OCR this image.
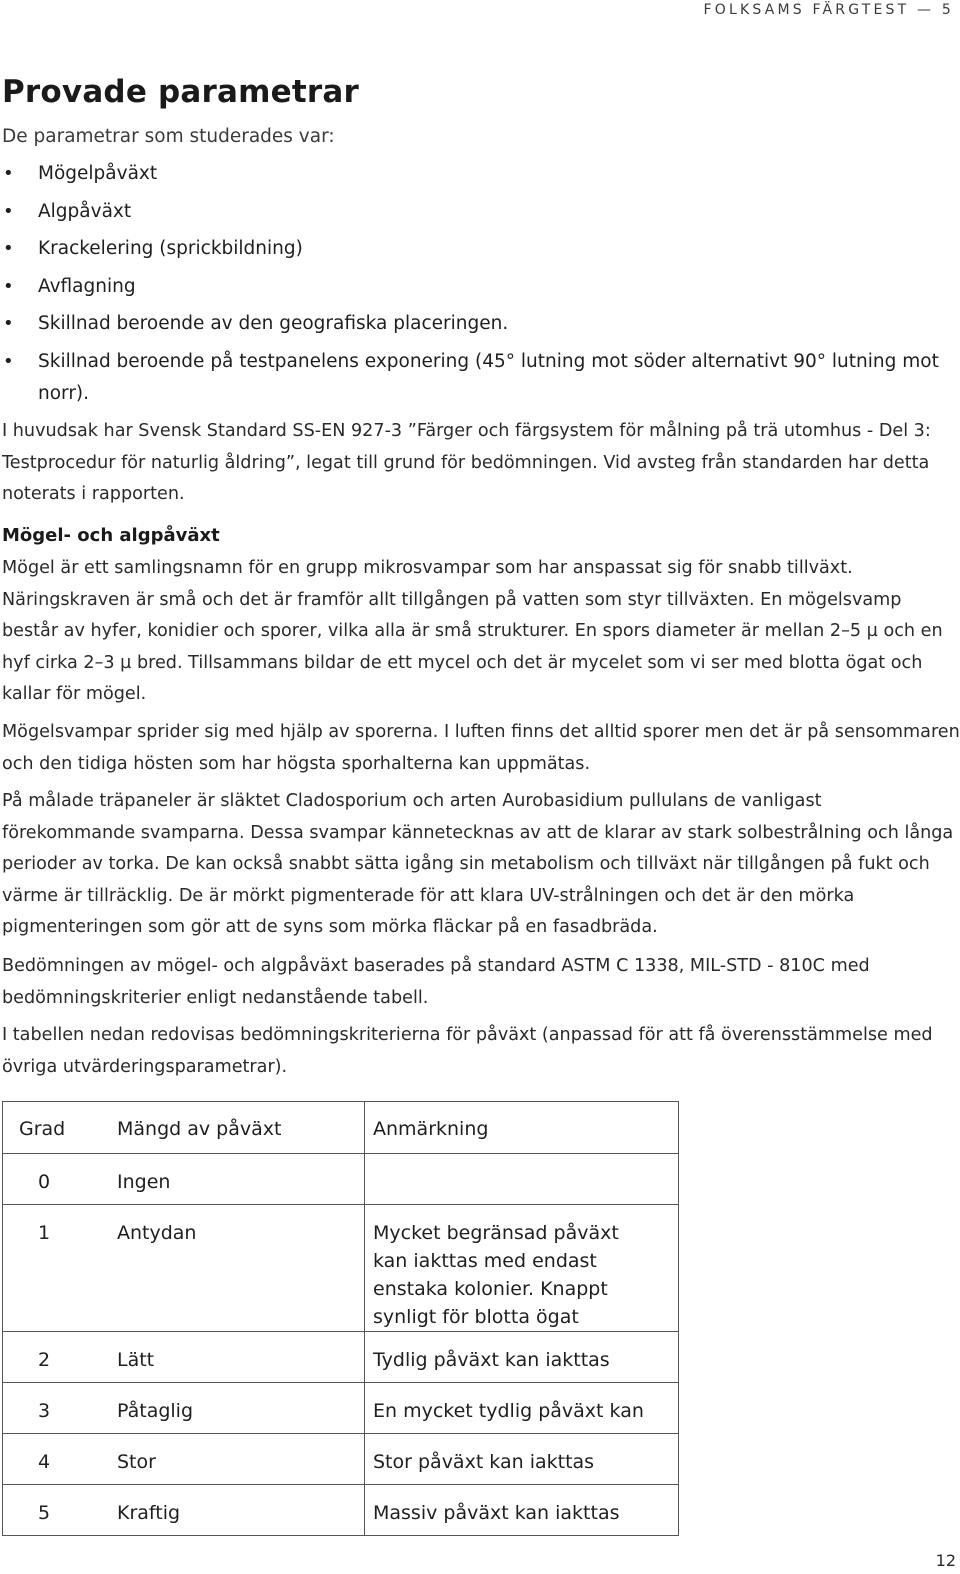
FOLKSAMS FÄRGTEST — 5
Provade parametrar

De parametrar som studerades var:

• Mögelpåväxt
• Algpåväxt
• Krackelering (sprickbildning)
• Avflagning
• Skillnad beroende av den geografiska placeringen.
• Skillnad beroende på testpanelens exponering (45° lutning mot söder alternativt 90° lutning mot norr).

I huvudsak har Svensk Standard SS-EN 927-3 ”Färger och färgsystem för målning på trä utomhus - Del 3: Testprocedur för naturlig åldring”, legat till grund för bedömningen. Vid avsteg från standarden har detta noterats i rapporten.

Mögel- och algpåväxt

Mögel är ett samlingsnamn för en grupp mikrosvampar som har anspassat sig för snabb tillväxt. Näringskraven är små och det är framför allt tillgången på vatten som styr tillväxten. En mögelsvamp består av hyfer, konidier och sporer, vilka alla är små strukturer. En spors diameter är mellan 2–5 µ och en hyf cirka 2–3 µ bred. Tillsammans bildar de ett mycel och det är mycelet som vi ser med blotta ögat och kallar för mögel.

Mögelsvampar sprider sig med hjälp av sporerna. I luften finns det alltid sporer men det är på sensommaren och den tidiga hösten som har högsta sporhalterna kan uppmätas.

På målade träpaneler är släktet Cladosporium och arten Aurobasidium pullulans de vanligast förekommande svamparna. Dessa svampar kännetecknas av att de klarar av stark solbestrålning och långa perioder av torka. De kan också snabbt sätta igång sin metabolism och tillväxt när tillgången på fukt och värme är tillräcklig. De är mörkt pigmenterade för att klara UV-strålningen och det är den mörka pigmenteringen som gör att de syns som mörka fläckar på en fasadbräda.

Bedömningen av mögel- och algpåväxt baserades på standard ASTM C 1338, MIL-STD - 810C med bedömningskriterier enligt nedanstående tabell.

I tabellen nedan redovisas bedömningskriterierna för påväxt (anpassad för att få överensstämmelse med övriga utvärderingsparametrar).

Grad	Mängd av påväxt	Anmärkning
0	Ingen	
1	Antydan	Mycket begränsad påväxt kan iakttas med endast enstaka kolonier. Knappt synligt för blotta ögat
2	Lätt	Tydlig påväxt kan iakttas
3	Påtaglig	En mycket tydlig påväxt kan
4	Stor	Stor påväxt kan iakttas
5	Kraftig	Massiv påväxt kan iakttas
12
